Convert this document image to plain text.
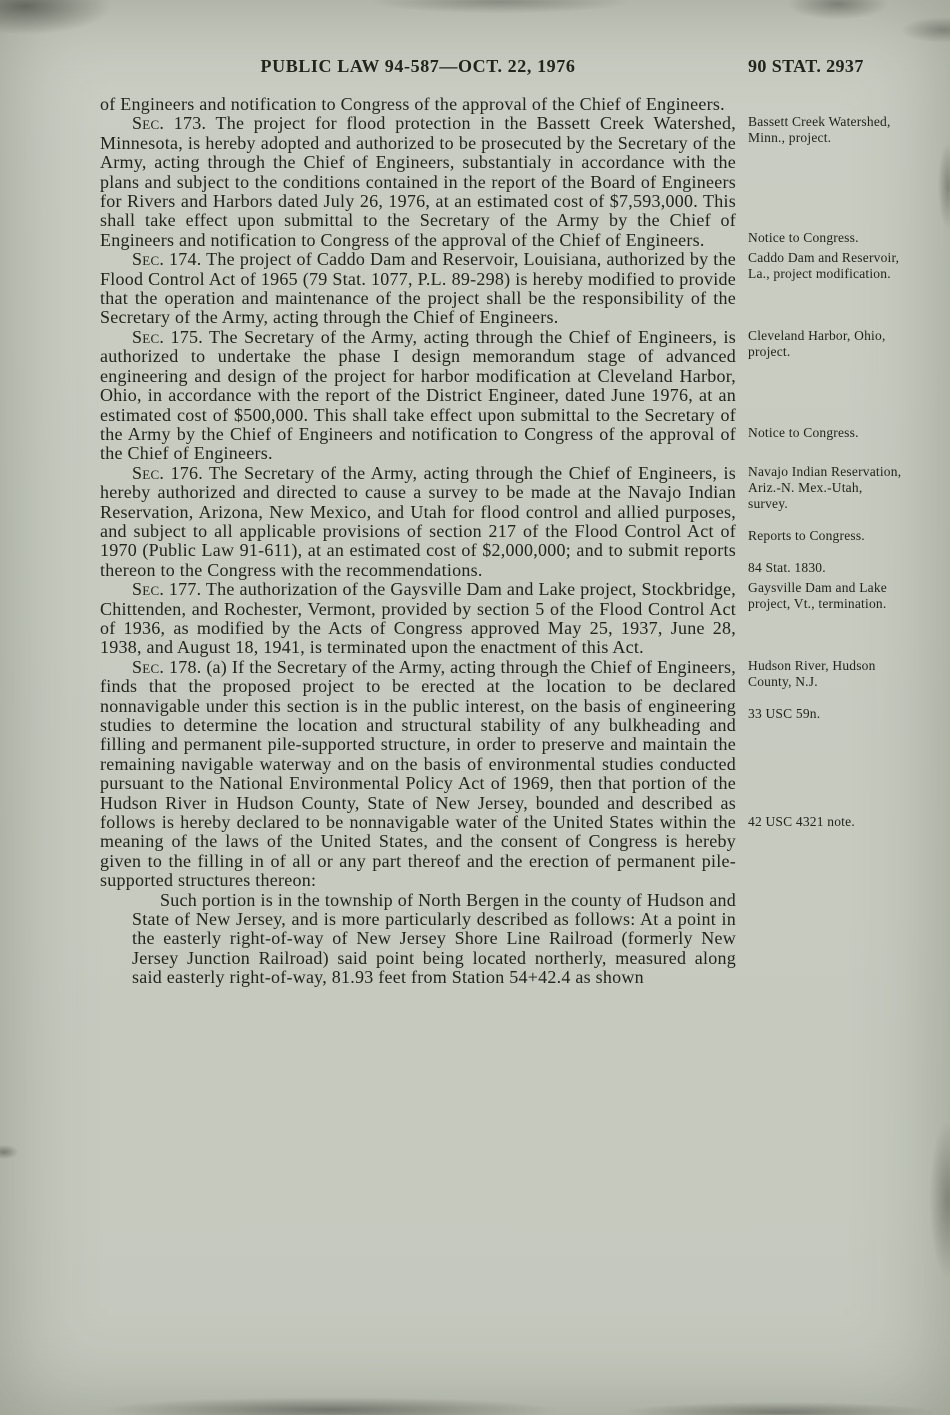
PUBLIC LAW 94-587—OCT. 22, 1976	90 STAT. 2937
of Engineers and notification to Congress of the approval of the Chief of Engineers.
Sec. 173. The project for flood protection in the Bassett Creek Watershed, Minnesota, is hereby adopted and authorized to be prosecuted by the Secretary of the Army, acting through the Chief of Engineers, substantialy in accordance with the plans and subject to the conditions contained in the report of the Board of Engineers for Rivers and Harbors dated July 26, 1976, at an estimated cost of $7,593,000. This shall take effect upon submittal to the Secretary of the Army by the Chief of Engineers and notification to Congress of the approval of the Chief of Engineers.
Bassett Creek Watershed, Minn., project.
Notice to Congress.
Sec. 174. The project of Caddo Dam and Reservoir, Louisiana, authorized by the Flood Control Act of 1965 (79 Stat. 1077, P.L. 89-298) is hereby modified to provide that the operation and maintenance of the project shall be the responsibility of the Secretary of the Army, acting through the Chief of Engineers.
Caddo Dam and Reservoir, La., project modification.
Sec. 175. The Secretary of the Army, acting through the Chief of Engineers, is authorized to undertake the phase I design memorandum stage of advanced engineering and design of the project for harbor modification at Cleveland Harbor, Ohio, in accordance with the report of the District Engineer, dated June 1976, at an estimated cost of $500,000. This shall take effect upon submittal to the Secretary of the Army by the Chief of Engineers and notification to Congress of the approval of the Chief of Engineers.
Cleveland Harbor, Ohio, project.
Notice to Congress.
Sec. 176. The Secretary of the Army, acting through the Chief of Engineers, is hereby authorized and directed to cause a survey to be made at the Navajo Indian Reservation, Arizona, New Mexico, and Utah for flood control and allied purposes, and subject to all applicable provisions of section 217 of the Flood Control Act of 1970 (Public Law 91-611), at an estimated cost of $2,000,000; and to submit reports thereon to the Congress with the recommendations.
Navajo Indian Reservation, Ariz.-N. Mex.-Utah, survey.
Reports to Congress.
84 Stat. 1830.
Sec. 177. The authorization of the Gaysville Dam and Lake project, Stockbridge, Chittenden, and Rochester, Vermont, provided by section 5 of the Flood Control Act of 1936, as modified by the Acts of Congress approved May 25, 1937, June 28, 1938, and August 18, 1941, is terminated upon the enactment of this Act.
Gaysville Dam and Lake project, Vt., termination.
Sec. 178. (a) If the Secretary of the Army, acting through the Chief of Engineers, finds that the proposed project to be erected at the location to be declared nonnavigable under this section is in the public interest, on the basis of engineering studies to determine the location and structural stability of any bulkheading and filling and permanent pile-supported structure, in order to preserve and maintain the remaining navigable waterway and on the basis of environmental studies conducted pursuant to the National Environmental Policy Act of 1969, then that portion of the Hudson River in Hudson County, State of New Jersey, bounded and described as follows is hereby declared to be nonnavigable water of the United States within the meaning of the laws of the United States, and the consent of Congress is hereby given to the filling in of all or any part thereof and the erection of permanent pile-supported structures thereon:
Hudson River, Hudson County, N.J.
33 USC 59n.
42 USC 4321 note.
Such portion is in the township of North Bergen in the county of Hudson and State of New Jersey, and is more particularly described as follows: At a point in the easterly right-of-way of New Jersey Shore Line Railroad (formerly New Jersey Junction Railroad) said point being located northerly, measured along said easterly right-of-way, 81.93 feet from Station 54+42.4 as shown
